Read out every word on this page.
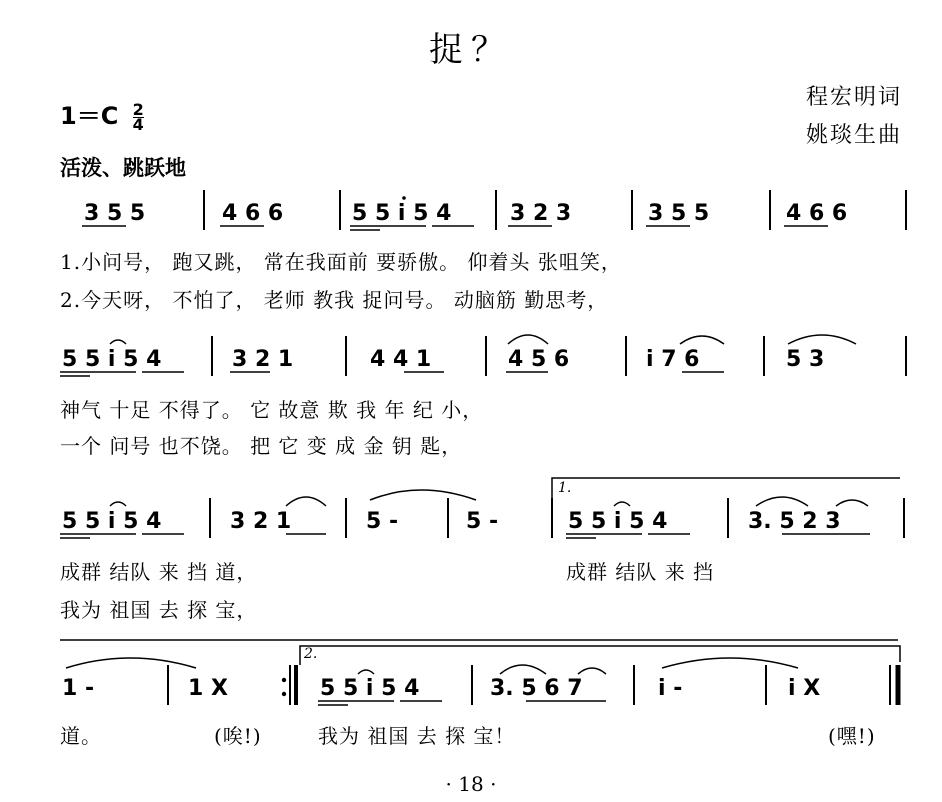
捉？
程宏明词
姚琰生曲
$1=C \frac{2}{4}$
活泼、跳跃地
3 5 5	4 6 6	5 5 i 5 4	3 2 3	3 5 5	4 6 6
5 5 i 5 4	3 2 1	4 4 1	4 5 6	i 7 6	5 3
5 5 i 5 4	3 2 1	5 -	5 -	5 5 i 5 4	3. 5 2 3
1 -	1 X	5 5 i 5 4	3. 5 6 7	i -	i X
1.
2.
1.小问号， 跑又跳， 常在我面前 要骄傲。 仰着头 张咀笑，
2.今天呀， 不怕了， 老师 教我 捉问号。 动脑筋 勤思考，
神气 十足 不得了。 它 故意 欺 我 年 纪 小，
一个 问号 也不饶。 把 它 变 成 金 钥 匙，
成群 结队 来 挡 道，	成群 结队 来 挡
我为 祖国 去 探 宝，
道。	(唉!)	我为 祖国 去 探 宝！	(嘿!)
· 18 ·
